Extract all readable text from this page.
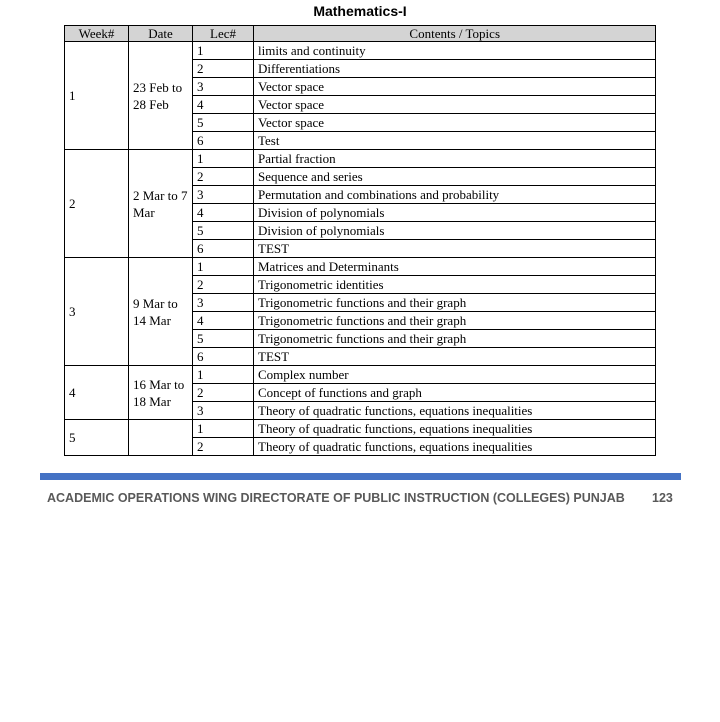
Mathematics-I
Week#	Date	Lec#	Contents / Topics
1	23 Feb to 28 Feb	1	limits and continuity
		2	Differentiations
		3	Vector space
		4	Vector space
		5	Vector space
		6	Test
2	2 Mar to 7 Mar	1	Partial fraction
		2	Sequence and series
		3	Permutation and combinations and probability
		4	Division of polynomials
		5	Division of polynomials
		6	TEST
3	9 Mar to 14 Mar	1	Matrices and Determinants
		2	Trigonometric identities
		3	Trigonometric functions and their graph
		4	Trigonometric functions and their graph
		5	Trigonometric functions and their graph
		6	TEST
4	16 Mar to 18 Mar	1	Complex number
		2	Concept of functions and graph
		3	Theory of quadratic functions, equations inequalities
5		1	Theory of quadratic functions, equations inequalities
		2	Theory of quadratic functions, equations inequalities
ACADEMIC OPERATIONS WING DIRECTORATE OF PUBLIC INSTRUCTION (COLLEGES) PUNJAB 123
